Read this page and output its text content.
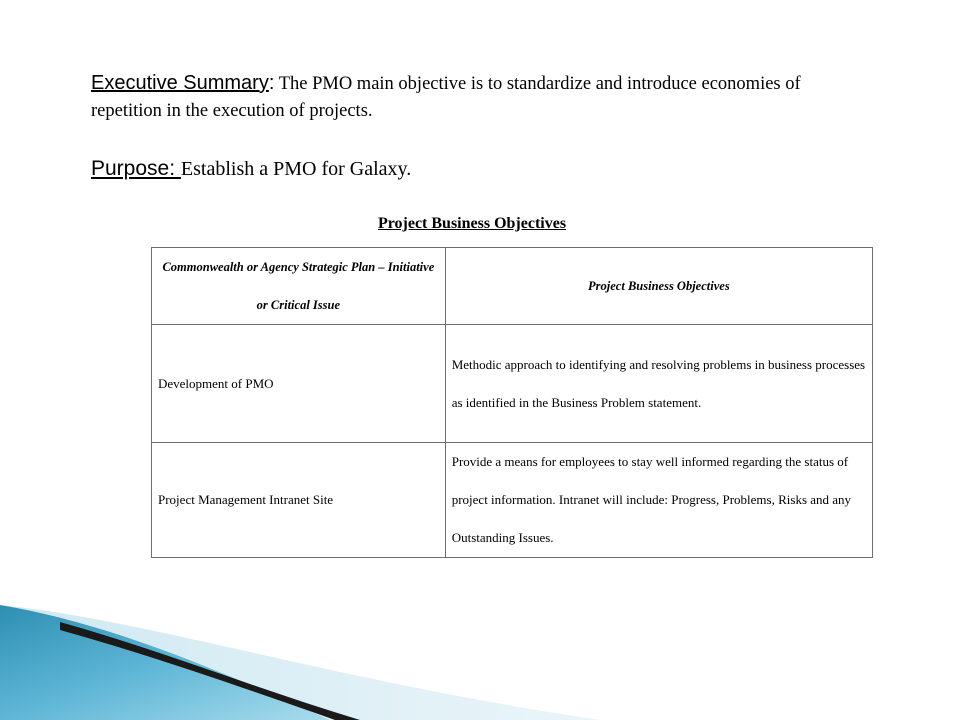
Executive Summary: The PMO main objective is to standardize and introduce economies of repetition in the execution of projects.
Purpose: Establish a PMO for Galaxy.
Project Business Objectives
Commonwealth or Agency Strategic Plan – Initiative or Critical Issue	Project Business Objectives
Development of PMO	Methodic approach to identifying and resolving problems in business processes as identified in the Business Problem statement.
Project Management Intranet Site	Provide a means for employees to stay well informed regarding the status of project information. Intranet will include: Progress, Problems, Risks and any Outstanding Issues.
